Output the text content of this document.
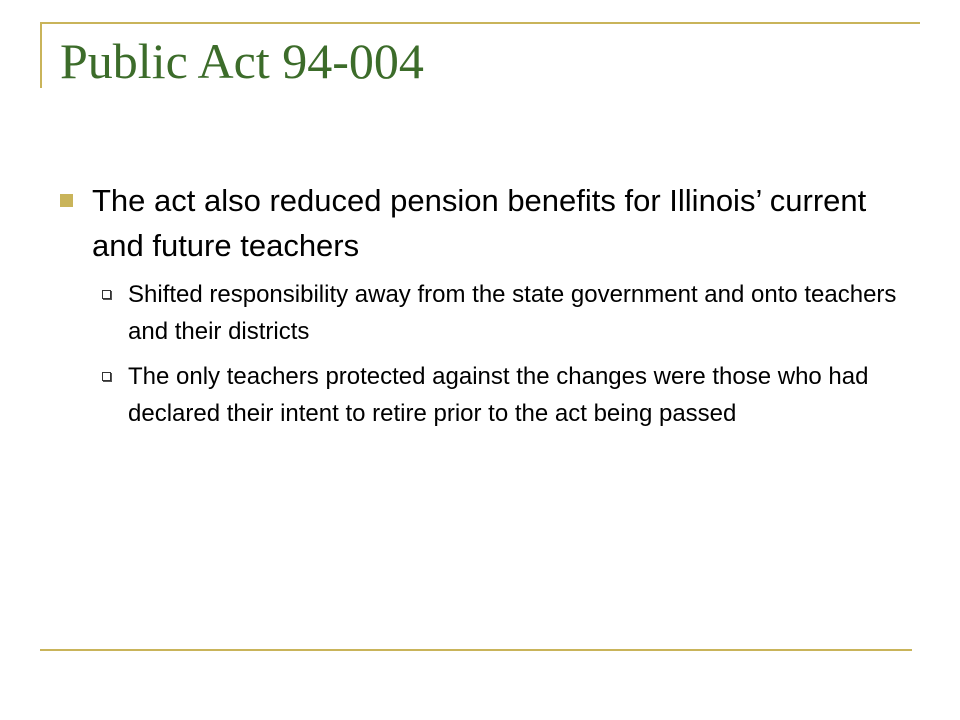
Public Act 94-004
The act also reduced pension benefits for Illinois’ current and future teachers
Shifted responsibility away from the state government and onto teachers and their districts
The only teachers protected against the changes were those who had declared their intent to retire prior to the act being passed
